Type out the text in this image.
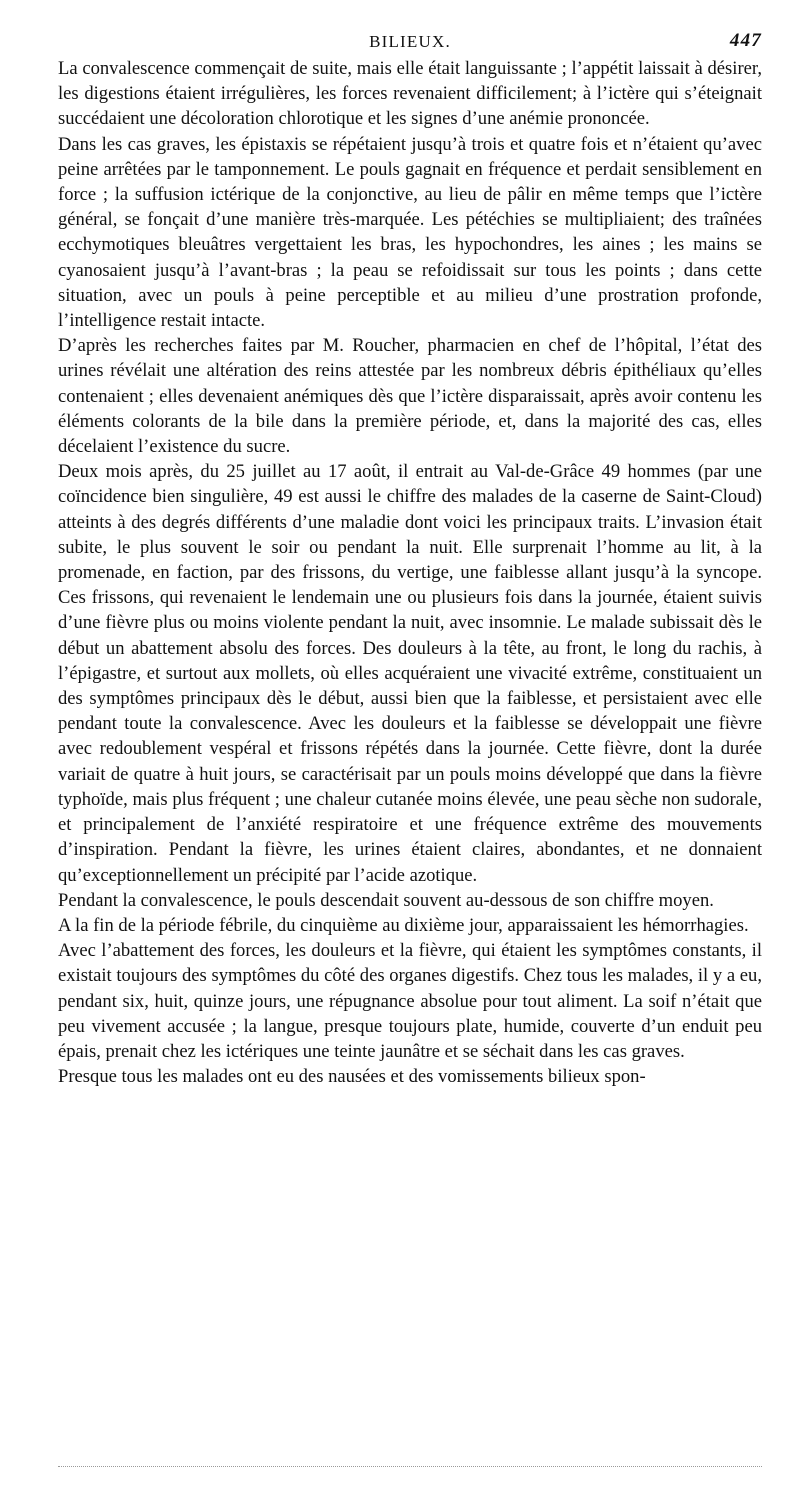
BILIEUX.	447

La convalescence commençait de suite, mais elle était languissante ; l’appétit laissait à désirer, les digestions étaient irrégulières, les forces revenaient difficilement; à l’ictère qui s’éteignait succédaient une décoloration chlorotique et les signes d’une anémie prononcée.

Dans les cas graves, les épistaxis se répétaient jusqu’à trois et quatre fois et n’étaient qu’avec peine arrêtées par le tamponnement. Le pouls gagnait en fréquence et perdait sensiblement en force ; la suffusion ictérique de la conjonctive, au lieu de pâlir en même temps que l’ictère général, se fonçait d’une manière très-marquée. Les pétéchies se multipliaient; des traînées ecchymotiques bleuâtres vergettaient les bras, les hypochondres, les aines ; les mains se cyanosaient jusqu’à l’avant-bras ; la peau se refoidissait sur tous les points ; dans cette situation, avec un pouls à peine perceptible et au milieu d’une prostration profonde, l’intelligence restait intacte.

D’après les recherches faites par M. Roucher, pharmacien en chef de l’hôpital, l’état des urines révélait une altération des reins attestée par les nombreux débris épithéliaux qu’elles contenaient ; elles devenaient anémiques dès que l’ictère disparaissait, après avoir contenu les éléments colorants de la bile dans la première période, et, dans la majorité des cas, elles décelaient l’existence du sucre.

Deux mois après, du 25 juillet au 17 août, il entrait au Val-de-Grâce 49 hommes (par une coïncidence bien singulière, 49 est aussi le chiffre des malades de la caserne de Saint-Cloud) atteints à des degrés différents d’une maladie dont voici les principaux traits. L’invasion était subite, le plus souvent le soir ou pendant la nuit. Elle surprenait l’homme au lit, à la promenade, en faction, par des frissons, du vertige, une faiblesse allant jusqu’à la syncope. Ces frissons, qui revenaient le lendemain une ou plusieurs fois dans la journée, étaient suivis d’une fièvre plus ou moins violente pendant la nuit, avec insomnie. Le malade subissait dès le début un abattement absolu des forces. Des douleurs à la tête, au front, le long du rachis, à l’épigastre, et surtout aux mollets, où elles acquéraient une vivacité extrême, constituaient un des symptômes principaux dès le début, aussi bien que la faiblesse, et persistaient avec elle pendant toute la convalescence. Avec les douleurs et la faiblesse se développait une fièvre avec redoublement vespéral et frissons répétés dans la journée. Cette fièvre, dont la durée variait de quatre à huit jours, se caractérisait par un pouls moins développé que dans la fièvre typhoïde, mais plus fréquent ; une chaleur cutanée moins élevée, une peau sèche non sudorale, et principalement de l’anxiété respiratoire et une fréquence extrême des mouvements d’inspiration. Pendant la fièvre, les urines étaient claires, abondantes, et ne donnaient qu’exceptionnellement un précipité par l’acide azotique.

Pendant la convalescence, le pouls descendait souvent au-dessous de son chiffre moyen.

A la fin de la période fébrile, du cinquième au dixième jour, apparaissaient les hémorrhagies.

Avec l’abattement des forces, les douleurs et la fièvre, qui étaient les symptômes constants, il existait toujours des symptômes du côté des organes digestifs. Chez tous les malades, il y a eu, pendant six, huit, quinze jours, une répugnance absolue pour tout aliment. La soif n’était que peu vivement accusée ; la langue, presque toujours plate, humide, couverte d’un enduit peu épais, prenait chez les ictériques une teinte jaunâtre et se séchait dans les cas graves.

Presque tous les malades ont eu des nausées et des vomissements bilieux spon-
